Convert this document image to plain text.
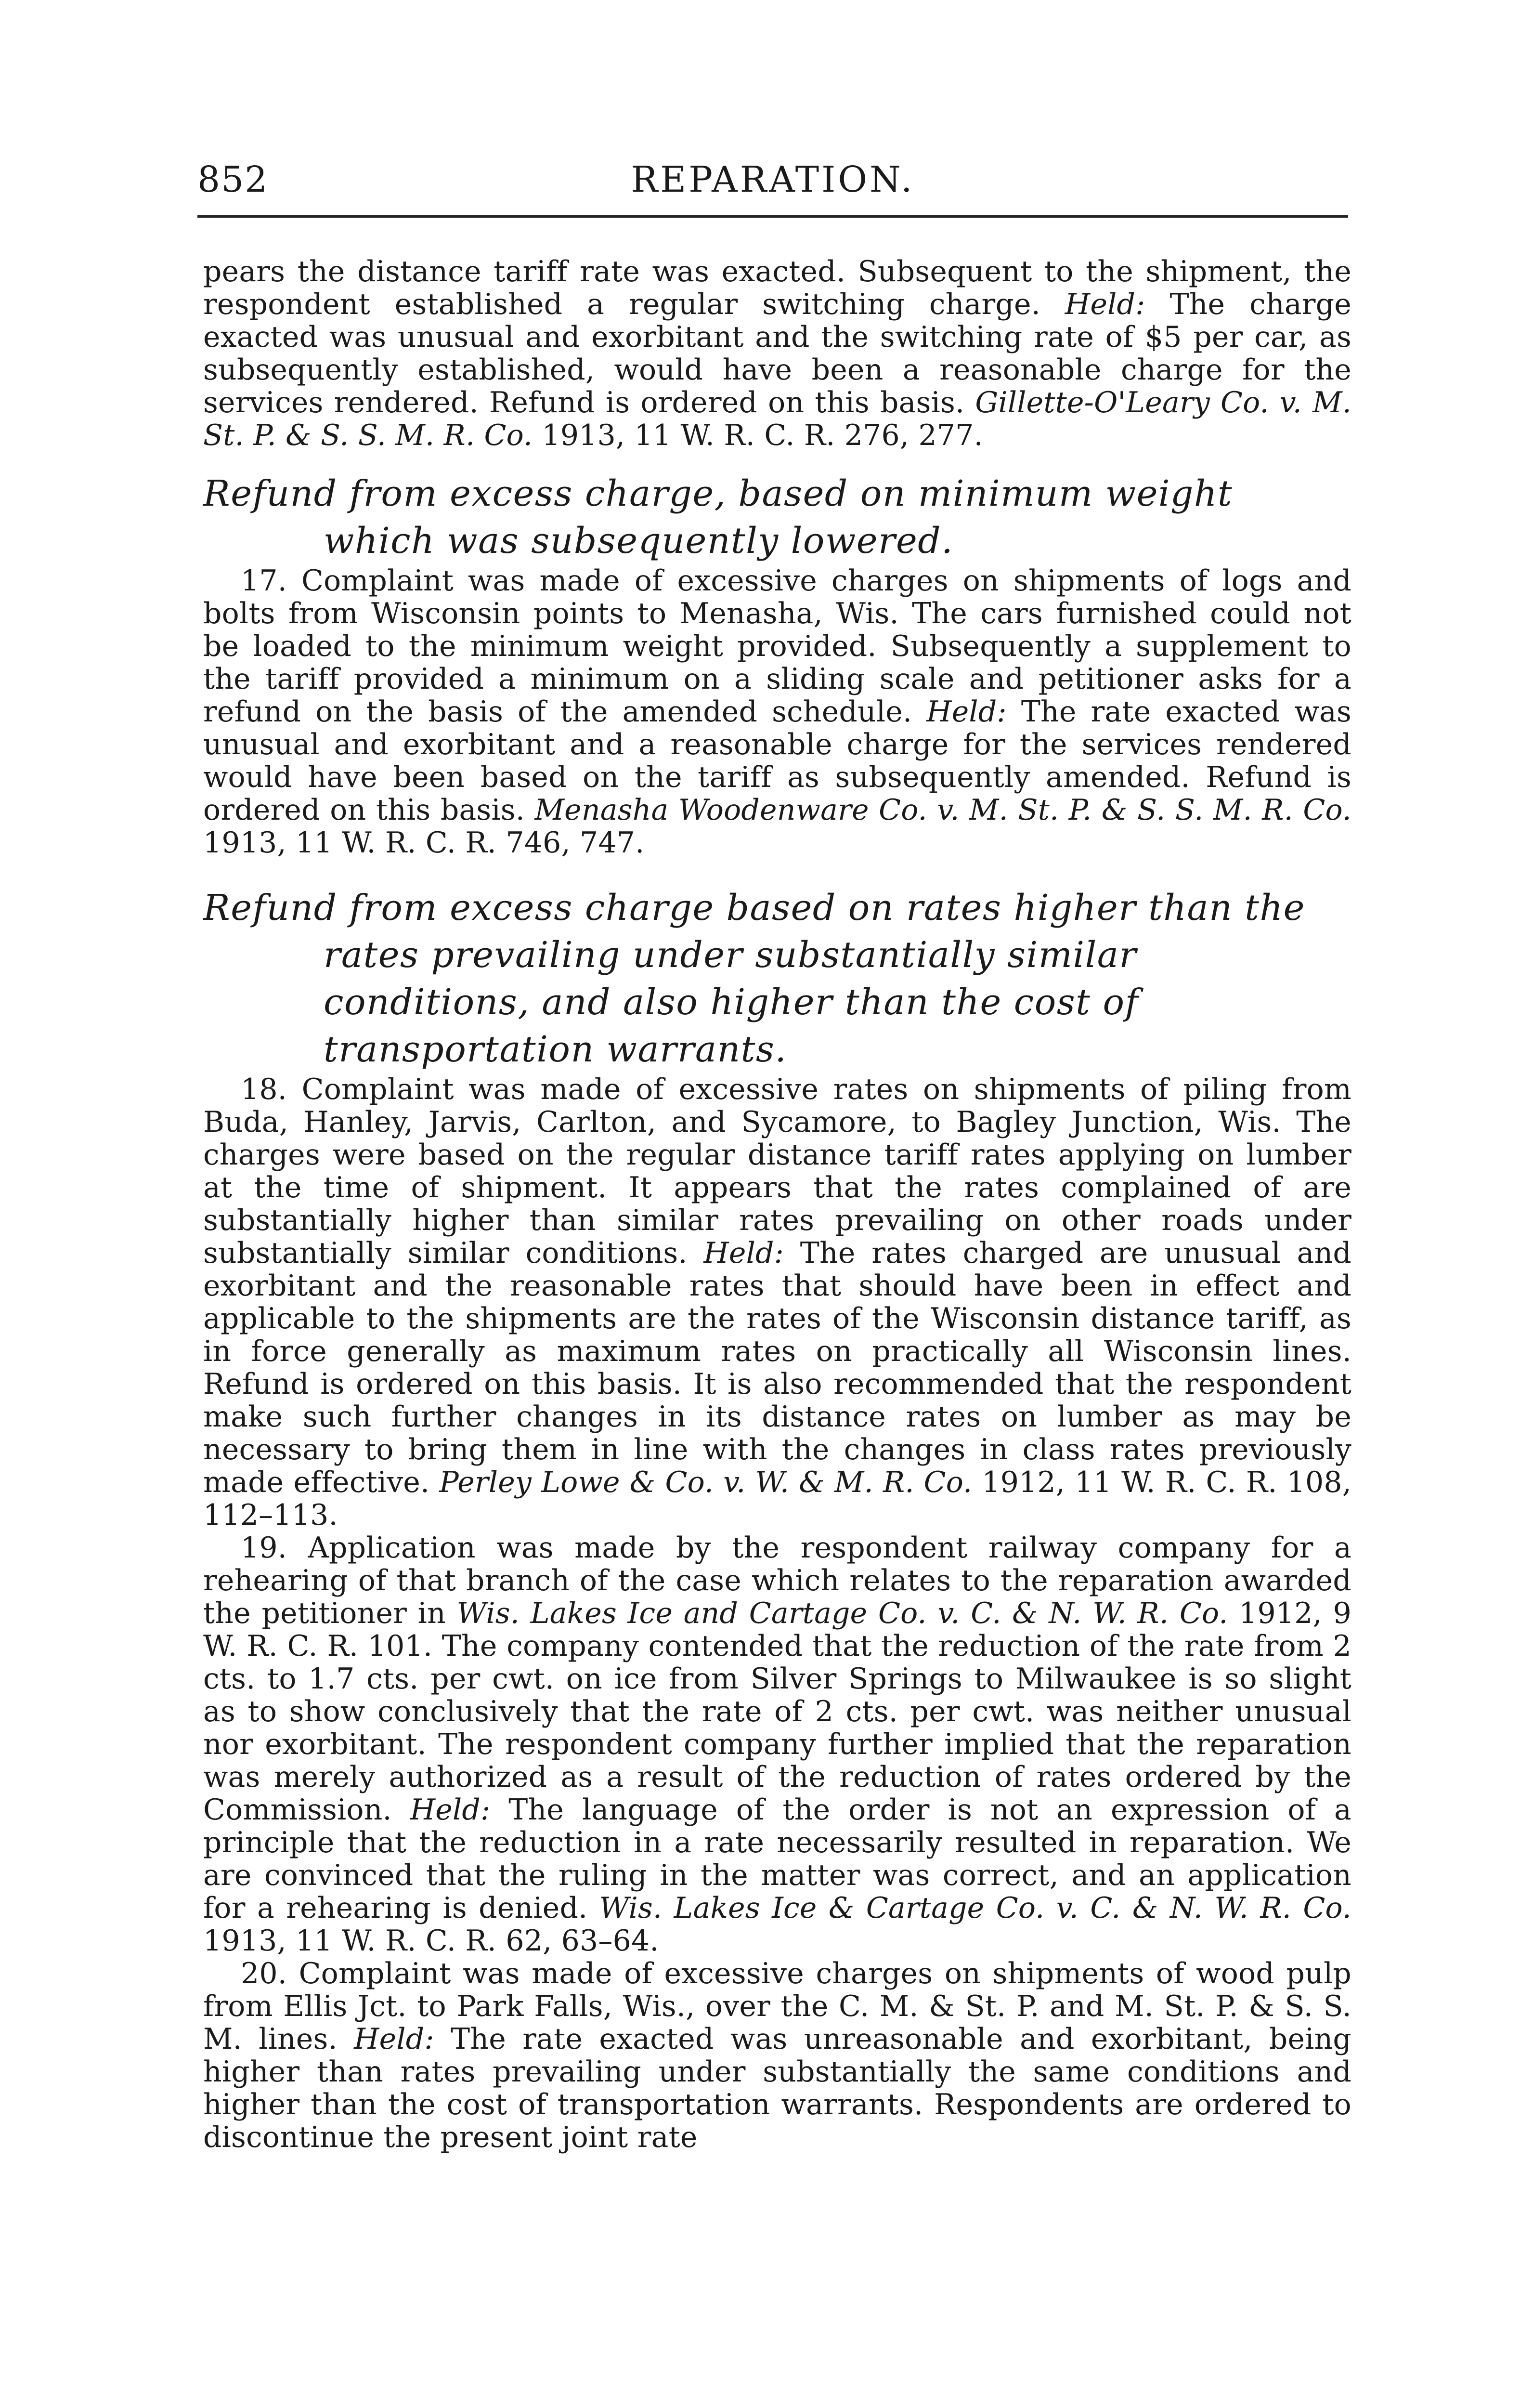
852	REPARATION.

pears the distance tariff rate was exacted. Subsequent to the shipment, the respondent established a regular switching charge. Held: The charge exacted was unusual and exorbitant and the switching rate of $5 per car, as subsequently established, would have been a reasonable charge for the services rendered. Refund is ordered on this basis. Gillette-O'Leary Co. v. M. St. P. & S. S. M. R. Co. 1913, 11 W. R. C. R. 276, 277.

Refund from excess charge, based on minimum weight which was subsequently lowered.

17. Complaint was made of excessive charges on shipments of logs and bolts from Wisconsin points to Menasha, Wis. The cars furnished could not be loaded to the minimum weight provided. Subsequently a supplement to the tariff provided a minimum on a sliding scale and petitioner asks for a refund on the basis of the amended schedule. Held: The rate exacted was unusual and exorbitant and a reasonable charge for the services rendered would have been based on the tariff as subsequently amended. Refund is ordered on this basis. Menasha Woodenware Co. v. M. St. P. & S. S. M. R. Co. 1913, 11 W. R. C. R. 746, 747.

Refund from excess charge based on rates higher than the rates prevailing under substantially similar conditions, and also higher than the cost of transportation warrants.

18. Complaint was made of excessive rates on shipments of piling from Buda, Hanley, Jarvis, Carlton, and Sycamore, to Bagley Junction, Wis. The charges were based on the regular distance tariff rates applying on lumber at the time of shipment. It appears that the rates complained of are substantially higher than similar rates prevailing on other roads under substantially similar conditions. Held: The rates charged are unusual and exorbitant and the reasonable rates that should have been in effect and applicable to the shipments are the rates of the Wisconsin distance tariff, as in force generally as maximum rates on practically all Wisconsin lines. Refund is ordered on this basis. It is also recommended that the respondent make such further changes in its distance rates on lumber as may be necessary to bring them in line with the changes in class rates previously made effective. Perley Lowe & Co. v. W. & M. R. Co. 1912, 11 W. R. C. R. 108, 112–113.

19. Application was made by the respondent railway company for a rehearing of that branch of the case which relates to the reparation awarded the petitioner in Wis. Lakes Ice and Cartage Co. v. C. & N. W. R. Co. 1912, 9 W. R. C. R. 101. The company contended that the reduction of the rate from 2 cts. to 1.7 cts. per cwt. on ice from Silver Springs to Milwaukee is so slight as to show conclusively that the rate of 2 cts. per cwt. was neither unusual nor exorbitant. The respondent company further implied that the reparation was merely authorized as a result of the reduction of rates ordered by the Commission. Held: The language of the order is not an expression of a principle that the reduction in a rate necessarily resulted in reparation. We are convinced that the ruling in the matter was correct, and an application for a rehearing is denied. Wis. Lakes Ice & Cartage Co. v. C. & N. W. R. Co. 1913, 11 W. R. C. R. 62, 63–64.

20. Complaint was made of excessive charges on shipments of wood pulp from Ellis Jct. to Park Falls, Wis., over the C. M. & St. P. and M. St. P. & S. S. M. lines. Held: The rate exacted was unreasonable and exorbitant, being higher than rates prevailing under substantially the same conditions and higher than the cost of transportation warrants. Respondents are ordered to discontinue the present joint rate
